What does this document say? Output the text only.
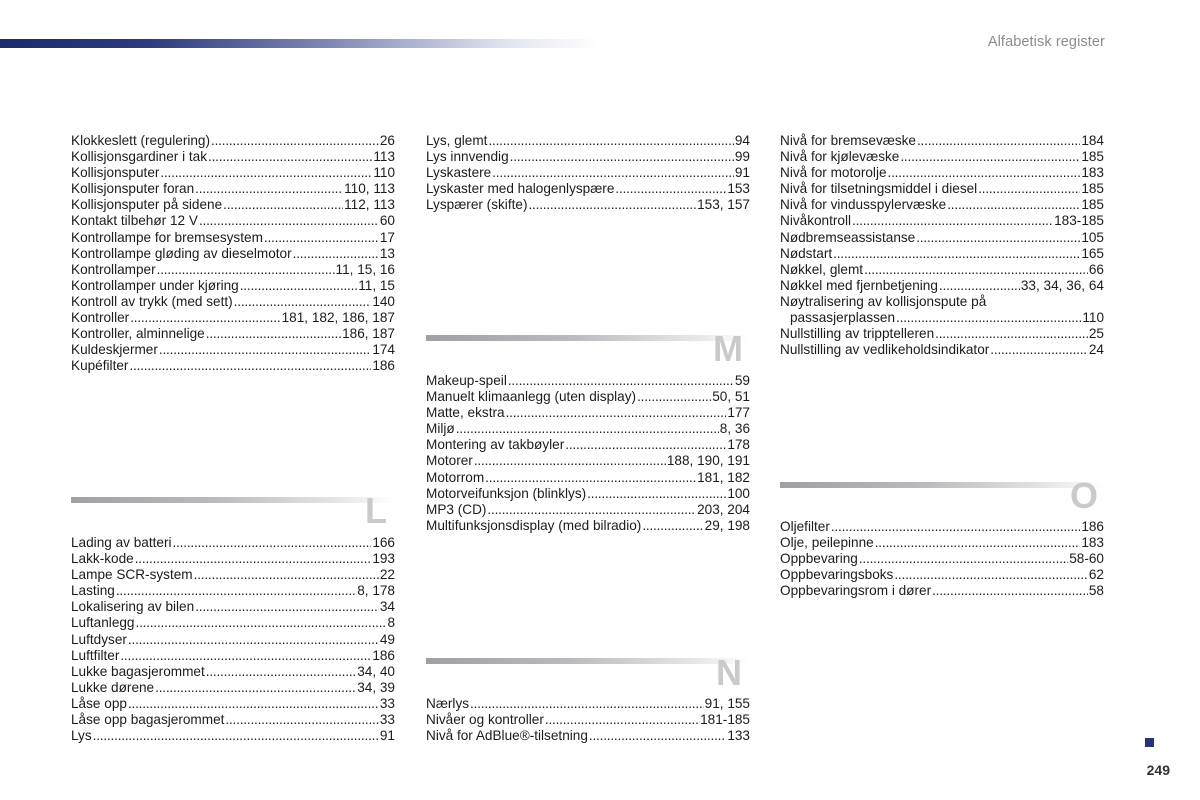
Alfabetisk register
Klokkeslett (regulering) .....	26
Kollisjonsgardiner i tak .....	113
Kollisjonsputer .....	110
Kollisjonsputer foran .....	110, 113
Kollisjonsputer på sidene .....	112, 113
Kontakt tilbehør 12 V .....	60
Kontrollampe for bremsesystem .....	17
Kontrollampe gløding av dieselmotor .....	13
Kontrollamper .....	11, 15, 16
Kontrollamper under kjøring .....	11, 15
Kontroll av trykk (med sett) .....	140
Kontroller .....	181, 182, 186, 187
Kontroller, alminnelige .....	186, 187
Kuldeskjermer .....	174
Kupéfilter .....	186
L
Lading av batteri .....	166
Lakk-kode .....	193
Lampe SCR-system .....	22
Lasting .....	8, 178
Lokalisering av bilen .....	34
Luftanlegg .....	8
Luftdyser .....	49
Luftfilter .....	186
Lukke bagasjerommet .....	34, 40
Lukke dørene .....	34, 39
Låse opp .....	33
Låse opp bagasjerommet .....	33
Lys .....	91
Lys, glemt .....	94
Lys innvendig .....	99
Lyskastere .....	91
Lyskaster med halogenlyspære .....	153
Lyspærer (skifte) .....	153, 157
M
Makeup-speil .....	59
Manuelt klimaanlegg (uten display) .....	50, 51
Matte, ekstra .....	177
Miljø .....	8, 36
Montering av takbøyler .....	178
Motorer .....	188, 190, 191
Motorrom .....	181, 182
Motorveifunksjon (blinklys) .....	100
MP3 (CD) .....	203, 204
Multifunksjonsdisplay (med bilradio) .....	29, 198
N
Nærlys .....	91, 155
Nivåer og kontroller .....	181-185
Nivå for AdBlue®-tilsetning .....	133
Nivå for bremsevæske .....	184
Nivå for kjølevæske .....	185
Nivå for motorolje .....	183
Nivå for tilsetningsmiddel i diesel .....	185
Nivå for vindusspylervæske .....	185
Nivåkontroll .....	183-185
Nødbremseassistanse .....	105
Nødstart .....	165
Nøkkel, glemt .....	66
Nøkkel med fjernbetjening .....	33, 34, 36, 64
Nøytralisering av kollisjonspute på
passasjerplassen .....	110
Nullstilling av tripptelleren .....	25
Nullstilling av vedlikeholdsindikator .....	24
O
Oljefilter .....	186
Olje, peilepinne .....	183
Oppbevaring .....	58-60
Oppbevaringsboks .....	62
Oppbevaringsrom i dører .....	58
249
